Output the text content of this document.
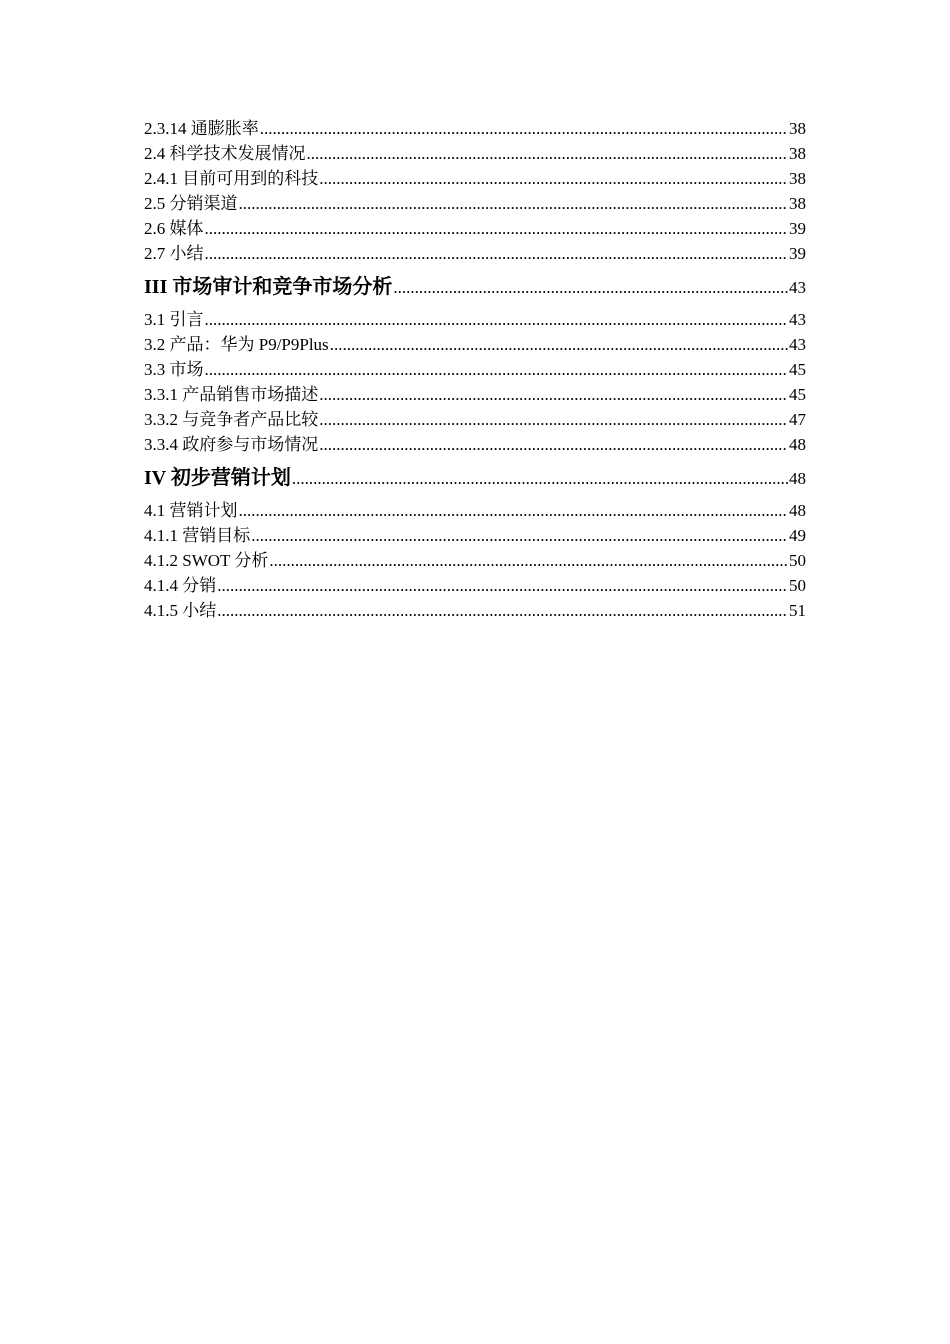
2.3.14 通膨胀率 .....	38
2.4 科学技术发展情况 .....	38
2.4.1 目前可用到的科技 .....	38
2.5 分销渠道 .....	38
2.6 媒体 .....	39
2.7 小结 .....	39
III 市场审计和竞争市场分析 .....	43
3.1 引言 .....	43
3.2 产品：华为 P9/P9Plus .....	43
3.3 市场 .....	45
3.3.1 产品销售市场描述 .....	45
3.3.2 与竞争者产品比较 .....	47
3.3.4 政府参与市场情况 .....	48
IV 初步营销计划 .....	48
4.1 营销计划 .....	48
4.1.1 营销目标 .....	49
4.1.2 SWOT 分析 .....	50
4.1.4 分销 .....	50
4.1.5 小结 .....	51
